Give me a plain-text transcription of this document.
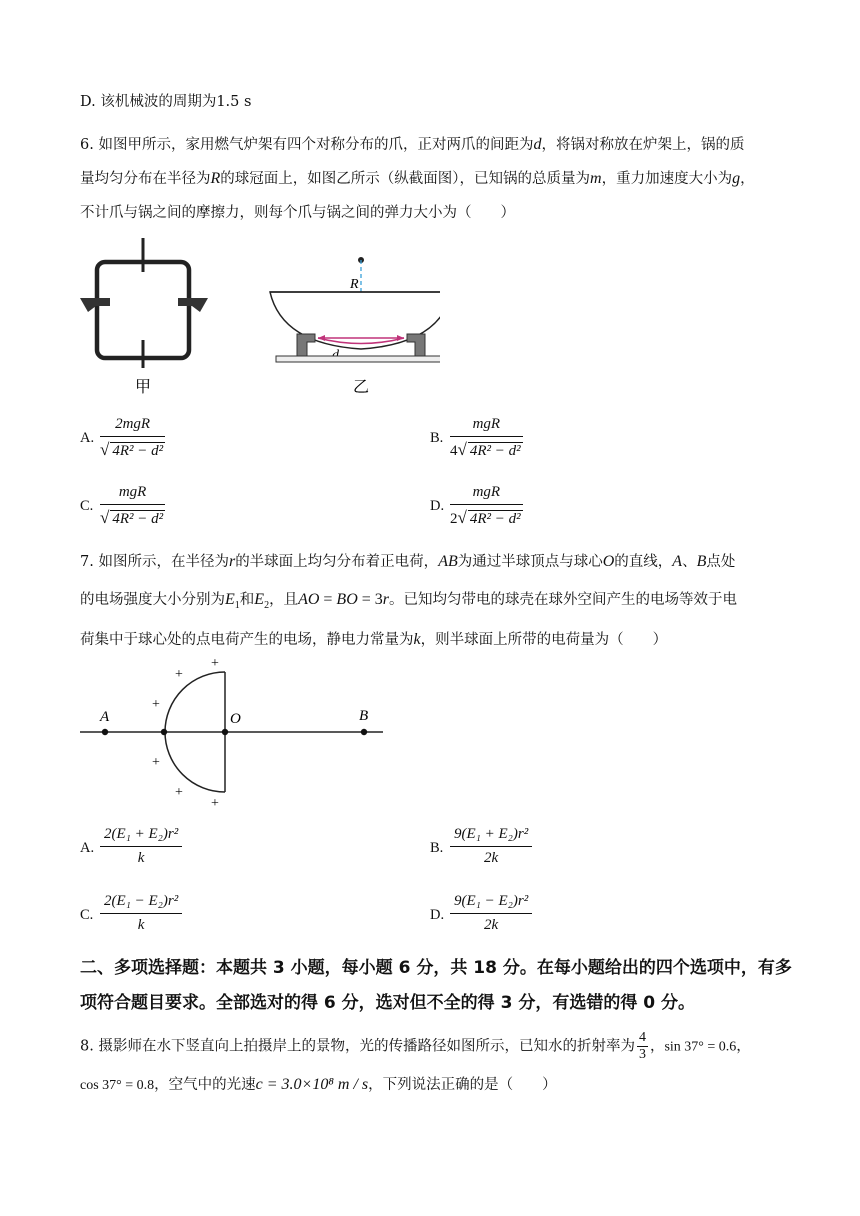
D. 该机械波的周期为1.5 s
6. 如图甲所示，家用燃气炉架有四个对称分布的爪，正对两爪的间距为d，将锅对称放在炉架上，锅的质
量均匀分布在半径为R的球冠面上，如图乙所示（纵截面图），已知锅的总质量为m，重力加速度大小为g，
不计爪与锅之间的摩擦力，则每个爪与锅之间的弹力大小为（　　）
甲
R
乙
A.
2mgR
√ 4R² − d²
B.
mgR
4√ 4R² − d²
C.
mgR
√ 4R² − d²
D.
mgR
2√ 4R² − d²
7. 如图所示，在半径为r的半球面上均匀分布着正电荷，AB为通过半球顶点与球心O的直线，A、B点处
的电场强度大小分别为$E_1$和$E_2$，且AO = BO = 3r。已知均匀带电的球壳在球外空间产生的电场等效于电
荷集中于球心处的点电荷产生的电场，静电力常量为k，则半球面上所带的电荷量为（　　）
A	O	B
+
+
+
+
+
+
A. $\frac{\text{2(E₁ + E₂)r²}}{k}$	B. $\frac{\text{9(E₁ + E₂)r²}}{2k}$
C. $\frac{\text{2(E₁ − E₂)r²}}{k}$	D. $\frac{\text{9(E₁ − E₂)r²}}{2k}$
二、多项选择题：本题共 3 小题，每小题 6 分，共 18 分。在每小题给出的四个选项中，有多
项符合题目要求。全部选对的得 6 分，选对但不全的得 3 分，有选错的得 0 分。
8. 摄影师在水下竖直向上拍摄岸上的景物，光的传播路径如图所示，已知水的折射率为 $\frac{4}{3}$ ，sin 37° = 0.6，
cos 37° = 0.8，空气中的光速c = 3.0×10⁸ m / s，下列说法正确的是（　　）
